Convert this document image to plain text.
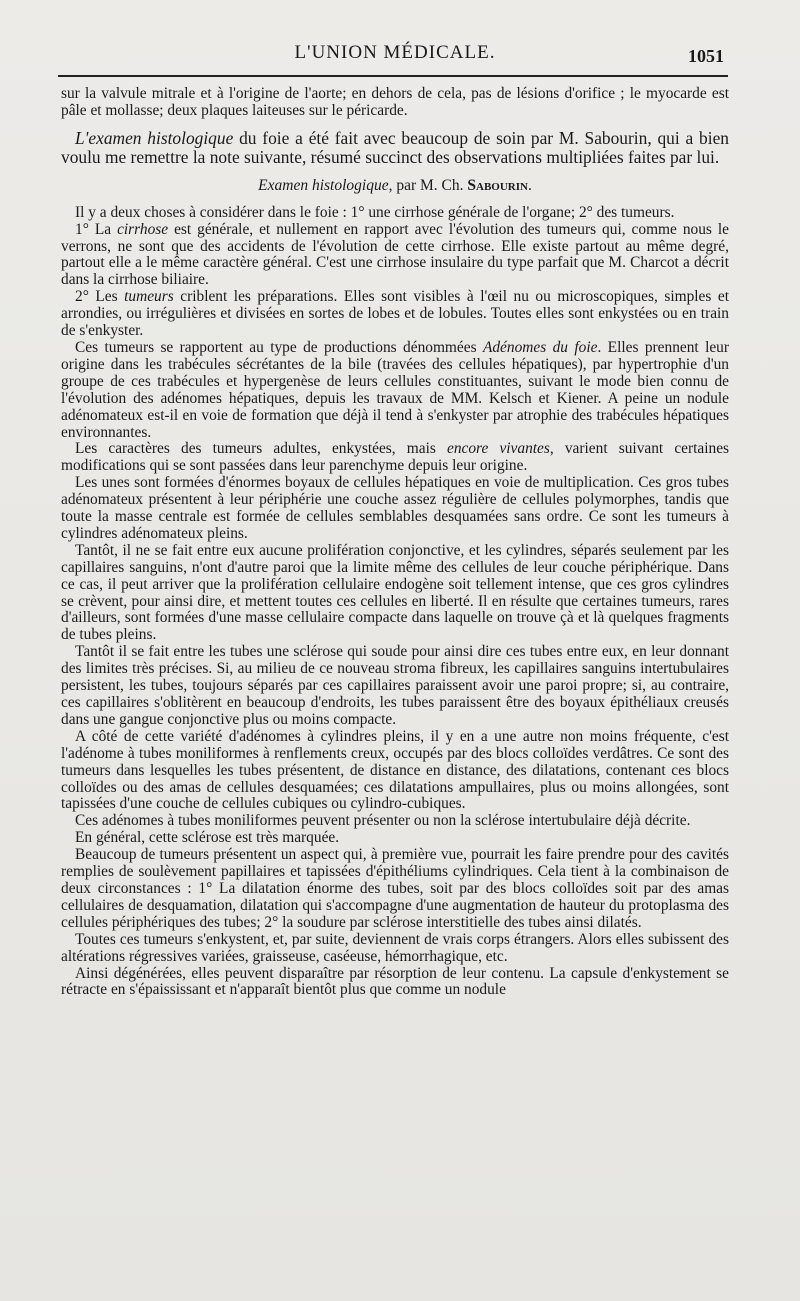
L'UNION MÉDICALE.	1051

sur la valvule mitrale et à l'origine de l'aorte; en dehors de cela, pas de lésions d'orifice ; le myocarde est pâle et mollasse; deux plaques laiteuses sur le péricarde.

L'examen histologique du foie a été fait avec beaucoup de soin par M. Sabourin, qui a bien voulu me remettre la note suivante, résumé succinct des observations multipliées faites par lui.

Examen histologique, par M. Ch. Sabourin.

Il y a deux choses à considérer dans le foie : 1° une cirrhose générale de l'organe; 2° des tumeurs.

1° La cirrhose est générale, et nullement en rapport avec l'évolution des tumeurs qui, comme nous le verrons, ne sont que des accidents de l'évolution de cette cirrhose. Elle existe partout au même degré, partout elle a le même caractère général. C'est une cirrhose insulaire du type parfait que M. Charcot a décrit dans la cirrhose biliaire.

2° Les tumeurs criblent les préparations. Elles sont visibles à l'œil nu ou microscopiques, simples et arrondies, ou irrégulières et divisées en sortes de lobes et de lobules. Toutes elles sont enkystées ou en train de s'enkyster.

Ces tumeurs se rapportent au type de productions dénommées Adénomes du foie. Elles prennent leur origine dans les trabécules sécrétantes de la bile (travées des cellules hépatiques), par hypertrophie d'un groupe de ces trabécules et hypergenèse de leurs cellules constituantes, suivant le mode bien connu de l'évolution des adénomes hépatiques, depuis les travaux de MM. Kelsch et Kiener. A peine un nodule adénomateux est-il en voie de formation que déjà il tend à s'enkyster par atrophie des trabécules hépatiques environnantes.

Les caractères des tumeurs adultes, enkystées, mais encore vivantes, varient suivant certaines modifications qui se sont passées dans leur parenchyme depuis leur origine.

Les unes sont formées d'énormes boyaux de cellules hépatiques en voie de multiplication. Ces gros tubes adénomateux présentent à leur périphérie une couche assez régulière de cellules polymorphes, tandis que toute la masse centrale est formée de cellules semblables desquamées sans ordre. Ce sont les tumeurs à cylindres adénomateux pleins.

Tantôt, il ne se fait entre eux aucune prolifération conjonctive, et les cylindres, séparés seulement par les capillaires sanguins, n'ont d'autre paroi que la limite même des cellules de leur couche périphérique. Dans ce cas, il peut arriver que la prolifération cellulaire endogène soit tellement intense, que ces gros cylindres se crèvent, pour ainsi dire, et mettent toutes ces cellules en liberté. Il en résulte que certaines tumeurs, rares d'ailleurs, sont formées d'une masse cellulaire compacte dans laquelle on trouve çà et là quelques fragments de tubes pleins.

Tantôt il se fait entre les tubes une sclérose qui soude pour ainsi dire ces tubes entre eux, en leur donnant des limites très précises. Si, au milieu de ce nouveau stroma fibreux, les capillaires sanguins intertubulaires persistent, les tubes, toujours séparés par ces capillaires paraissent avoir une paroi propre; si, au contraire, ces capillaires s'oblitèrent en beaucoup d'endroits, les tubes paraissent être des boyaux épithéliaux creusés dans une gangue conjonctive plus ou moins compacte.

A côté de cette variété d'adénomes à cylindres pleins, il y en a une autre non moins fréquente, c'est l'adénome à tubes moniliformes à renflements creux, occupés par des blocs colloïdes verdâtres. Ce sont des tumeurs dans lesquelles les tubes présentent, de distance en distance, des dilatations, contenant ces blocs colloïdes ou des amas de cellules desquamées; ces dilatations ampullaires, plus ou moins allongées, sont tapissées d'une couche de cellules cubiques ou cylindro-cubiques.

Ces adénomes à tubes moniliformes peuvent présenter ou non la sclérose intertubulaire déjà décrite.

En général, cette sclérose est très marquée.

Beaucoup de tumeurs présentent un aspect qui, à première vue, pourrait les faire prendre pour des cavités remplies de soulèvement papillaires et tapissées d'épithéliums cylindriques. Cela tient à la combinaison de deux circonstances : 1° La dilatation énorme des tubes, soit par des blocs colloïdes soit par des amas cellulaires de desquamation, dilatation qui s'accompagne d'une augmentation de hauteur du protoplasma des cellules périphériques des tubes; 2° la soudure par sclérose interstitielle des tubes ainsi dilatés.

Toutes ces tumeurs s'enkystent, et, par suite, deviennent de vrais corps étrangers. Alors elles subissent des altérations régressives variées, graisseuse, caséeuse, hémorrhagique, etc.

Ainsi dégénérées, elles peuvent disparaître par résorption de leur contenu. La capsule d'enkystement se rétracte en s'épaississant et n'apparaît bientôt plus que comme un nodule
